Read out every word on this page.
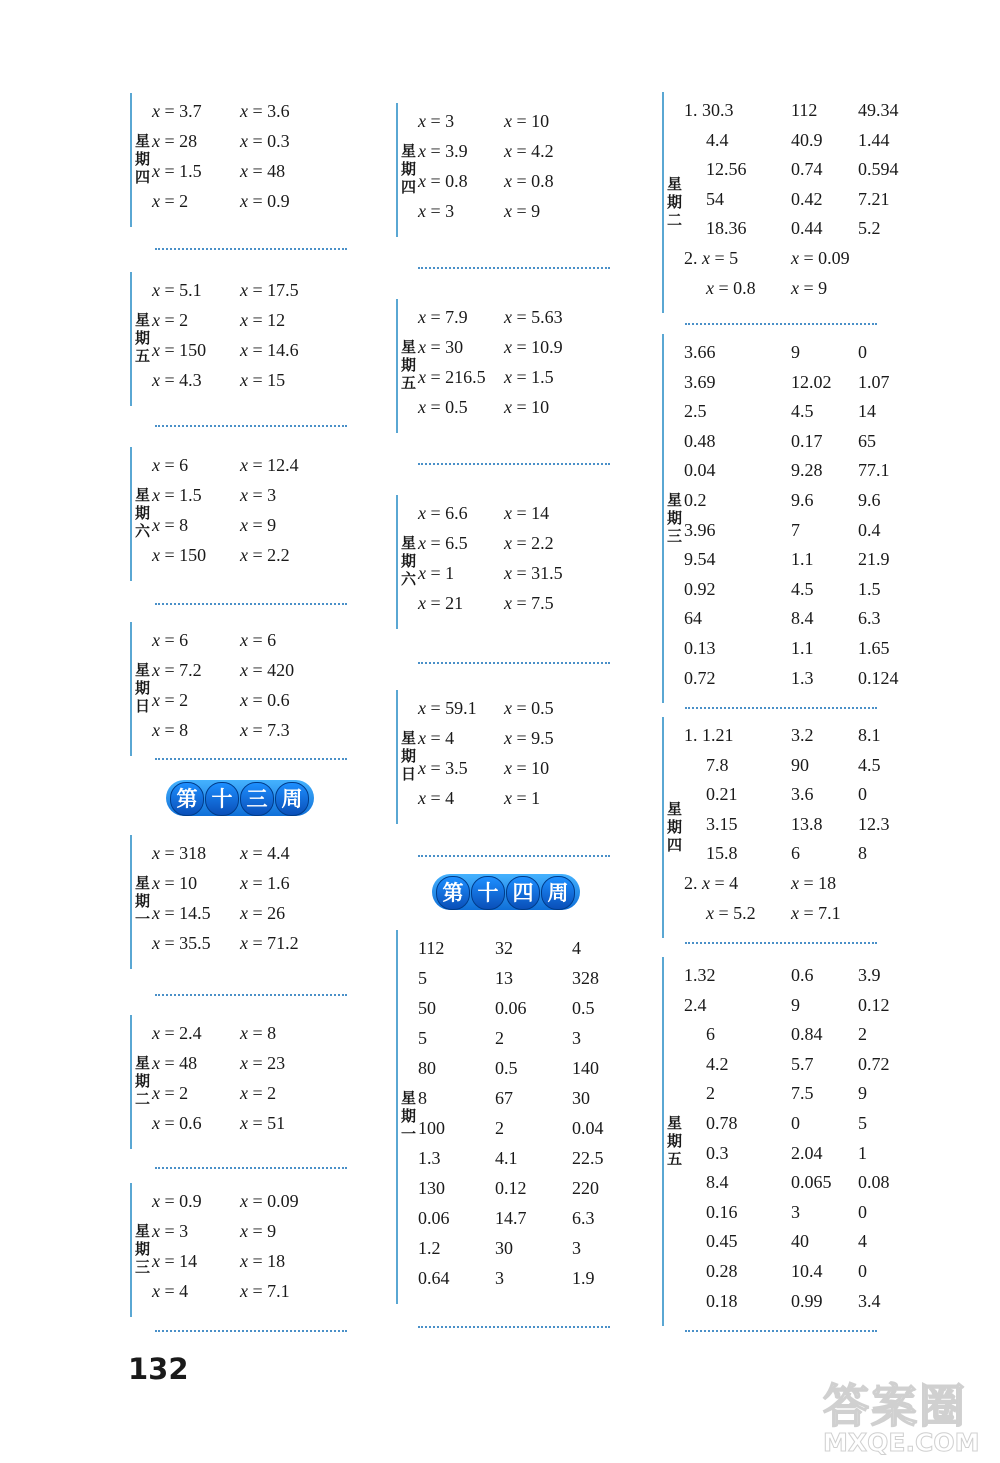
星
期
四
x = 3.7 x = 3.6
x = 28 x = 0.3
x = 1.5 x = 48
x = 2	x = 0.9
星
期
五
x = 5.1 x = 17.5
x = 2	x = 12
x = 150 x = 14.6
x = 4.3 x = 15
星
期
六
x = 6	x = 12.4
x = 1.5 x = 3
x = 8	x = 9
x = 150 x = 2.2
星
期
日
x = 6	x = 6
x = 7.2 x = 420
x = 2	x = 0.6
x = 8	x = 7.3
星
期
一
x = 318 x = 4.4
x = 10 x = 1.6
x = 14.5 x = 26
x = 35.5 x = 71.2
星
期
二
x = 2.4 x = 8
x = 48 x = 23
x = 2	x = 2
x = 0.6 x = 51
星
期
三
x = 0.9 x = 0.09
x = 3	x = 9
x = 14 x = 18
x = 4	x = 7.1
星
期
四
x = 3	x = 10
x = 3.9 x = 4.2
x = 0.8 x = 0.8
x = 3	x = 9
星
期
五
x = 7.9 x = 5.63
x = 30 x = 10.9
x = 216.5 x = 1.5
x = 0.5 x = 10
星
期
六
x = 6.6 x = 14
x = 6.5 x = 2.2
x = 1	x = 31.5
x = 21 x = 7.5
星
期
日
x = 59.1 x = 0.5
x = 4	x = 9.5
x = 3.5 x = 10
x = 4	x = 1
星
期
一
112	32	4
5	13	328
50	0.06	0.5
5	2	3
80	0.5	140
8	67	30
100	2	0.04
1.3	4.1	22.5
130	0.12	220
0.06	14.7	6.3
1.2	30	3
0.64	3	1.9
星
期
二
1. 30.3	112 49.34
4.4	40.9 1.44
12.56 0.74 0.594
54	0.42 7.21
18.36 0.44 5.2
2. x = 5	x = 0.09
x = 0.8 x = 9
星
期
三
3.66	9	0
3.69	12.02 1.07
2.5	4.5 14
0.48	0.17 65
0.04	9.28 77.1
0.2	9.6 9.6
3.96	7	0.4
9.54	1.1 21.9
0.92	4.5 1.5
64	8.4 6.3
0.13	1.1 1.65
0.72	1.3 0.124
星
期
四
1. 1.21	3.2 8.1
7.8	90	4.5
0.21	3.6 0
3.15	13.8 12.3
15.8	6	8
2. x = 4	x = 18
x = 5.2 x = 7.1
星
期
五
1.32	0.6 3.9
2.4	9	0.12
6	0.84 2
4.2	5.7 0.72
2	7.5 9
0.78	0	5
0.3	2.04 1
8.4	0.065 0.08
0.16	3	0
0.45	40	4
0.28	10.4 0
0.18	0.99 3.4
第 十 三 周
第 十 四 周
132
答案圈
MXQE.COM
